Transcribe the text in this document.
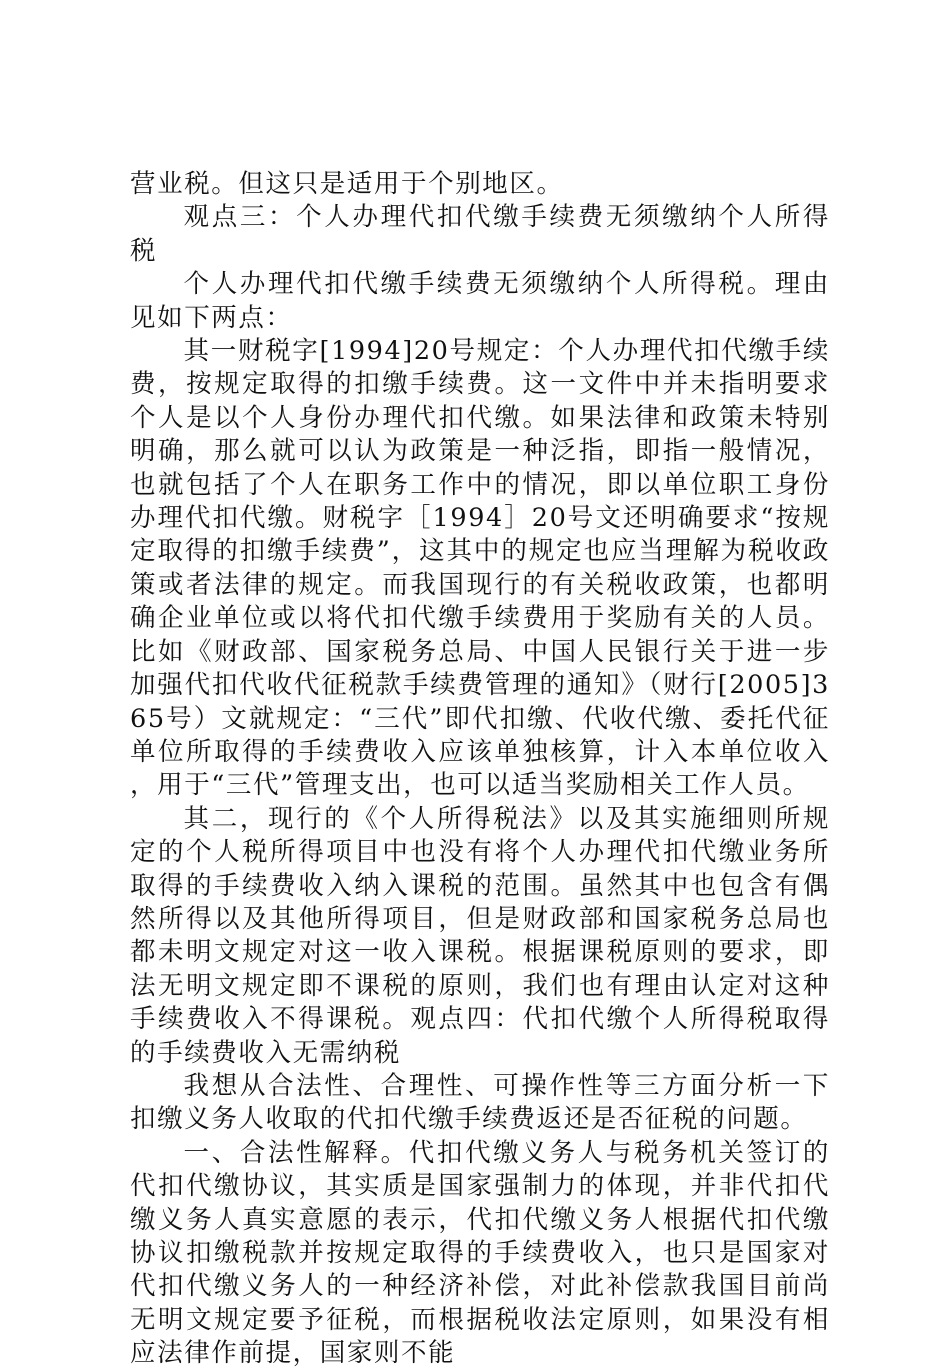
营业税。但这只是适用于个别地区。

观点三：个人办理代扣代缴手续费无须缴纳个人所得税

个人办理代扣代缴手续费无须缴纳个人所得税。理由见如下两点：

其一财税字[1994]20号规定：个人办理代扣代缴手续费，按规定取得的扣缴手续费。这一文件中并未指明要求个人是以个人身份办理代扣代缴。如果法律和政策未特别明确，那么就可以认为政策是一种泛指，即指一般情况，也就包括了个人在职务工作中的情况，即以单位职工身份办理代扣代缴。财税字［1994］20号文还明确要求“按规定取得的扣缴手续费”，这其中的规定也应当理解为税收政策或者法律的规定。而我国现行的有关税收政策，也都明确企业单位或以将代扣代缴手续费用于奖励有关的人员。比如《财政部、国家税务总局、中国人民银行关于进一步加强代扣代收代征税款手续费管理的通知》（财行[2005]365号）文就规定：“三代”即代扣缴、代收代缴、委托代征单位所取得的手续费收入应该单独核算，计入本单位收入，用于“三代”管理支出，也可以适当奖励相关工作人员。

其二，现行的《个人所得税法》以及其实施细则所规定的个人税所得项目中也没有将个人办理代扣代缴业务所取得的手续费收入纳入课税的范围。虽然其中也包含有偶然所得以及其他所得项目，但是财政部和国家税务总局也都未明文规定对这一收入课税。根据课税原则的要求，即法无明文规定即不课税的原则，我们也有理由认定对这种手续费收入不得课税。观点四：代扣代缴个人所得税取得的手续费收入无需纳税

我想从合法性、合理性、可操作性等三方面分析一下扣缴义务人收取的代扣代缴手续费返还是否征税的问题。

一、合法性解释。代扣代缴义务人与税务机关签订的代扣代缴协议，其实质是国家强制力的体现，并非代扣代缴义务人真实意愿的表示，代扣代缴义务人根据代扣代缴协议扣缴税款并按规定取得的手续费收入，也只是国家对代扣代缴义务人的一种经济补偿，对此补偿款我国目前尚无明文规定要予征税，而根据税收法定原则，如果没有相应法律作前提，国家则不能
